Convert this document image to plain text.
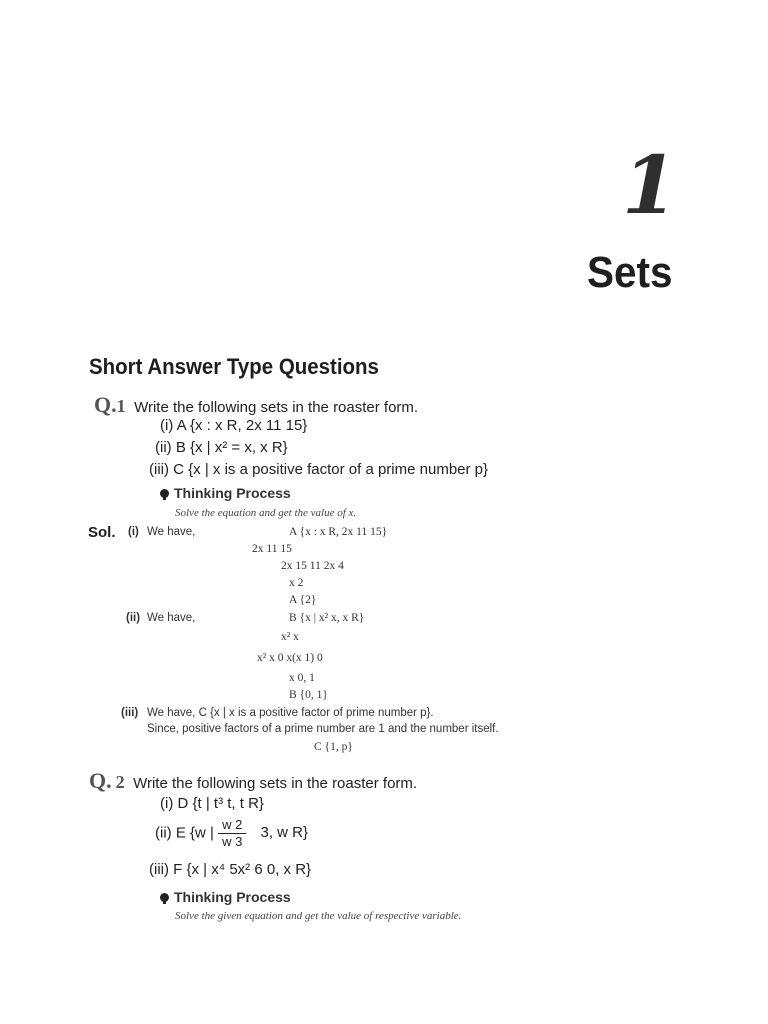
1
Sets
Short Answer Type Questions
Q.1 Write the following sets in the roaster form.
(i) A {x : x R, 2x 11 15}
(ii) B {x | x² = x, x R}
(iii) C {x | x is a positive factor of a prime number p}
Thinking Process
Solve the equation and get the value of x.
Sol. (i) We have,	A {x : x R, 2x 11 15}
2x 11 15
2x 15 11 2x 4
x 2
A {2}
(ii) We have,	B {x | x² x, x R}
x² x
x² x 0 x(x 1) 0
x 0, 1
B {0, 1}
(iii) We have, C {x | x is a positive factor of prime number p}.
Since, positive factors of a prime number are 1 and the number itself.
C {1, p}
Q. 2 Write the following sets in the roaster form.
(i) D {t | t³ t, t R}
(ii) E {w | $\frac{w 2}{w 3} 3$, w R}
(iii) F {x | x⁴ 5x² 6 0, x R}
Thinking Process
Solve the given equation and get the value of respective variable.
